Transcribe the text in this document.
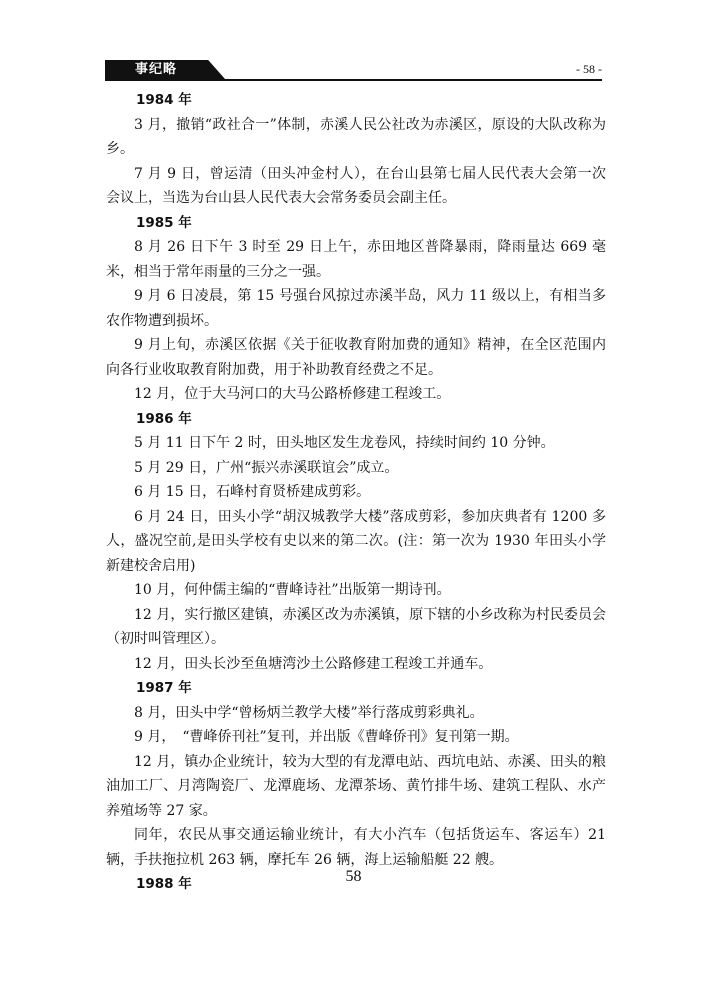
事纪略	- 58 -

1984 年

3 月，撤销“政社合一”体制，赤溪人民公社改为赤溪区，原设的大队改称为乡。

7 月 9 日，曾运清（田头冲金村人），在台山县第七届人民代表大会第一次会议上，当选为台山县人民代表大会常务委员会副主任。

1985 年

8 月 26 日下午 3 时至 29 日上午，赤田地区普降暴雨，降雨量达 669 毫米，相当于常年雨量的三分之一强。

9 月 6 日凌晨，第 15 号强台风掠过赤溪半岛，风力 11 级以上，有相当多农作物遭到损坏。

9 月上旬，赤溪区依据《关于征收教育附加费的通知》精神，在全区范围内向各行业收取教育附加费，用于补助教育经费之不足。

12 月，位于大马河口的大马公路桥修建工程竣工。

1986 年

5 月 11 日下午 2 时，田头地区发生龙卷风，持续时间约 10 分钟。

5 月 29 日，广州“振兴赤溪联谊会”成立。

6 月 15 日，石峰村育贤桥建成剪彩。

6 月 24 日，田头小学“胡汉城教学大楼”落成剪彩，参加庆典者有 1200 多人，盛况空前,是田头学校有史以来的第二次。(注：第一次为 1930 年田头小学新建校舍启用)

10 月，何仲儒主编的“曹峰诗社”出版第一期诗刊。

12 月，实行撤区建镇，赤溪区改为赤溪镇，原下辖的小乡改称为村民委员会（初时叫管理区）。

12 月，田头长沙至鱼塘湾沙土公路修建工程竣工并通车。

1987 年

8 月，田头中学“曾杨炳兰教学大楼”举行落成剪彩典礼。

9 月，　“曹峰侨刊社”复刊，并出版《曹峰侨刊》复刊第一期。

12 月，镇办企业统计，较为大型的有龙潭电站、西坑电站、赤溪、田头的粮油加工厂、月湾陶瓷厂、龙潭鹿场、龙潭茶场、黄竹排牛场、建筑工程队、水产养殖场等 27 家。

同年，农民从事交通运输业统计，有大小汽车（包括货运车、客运车）21 辆，手扶拖拉机 263 辆，摩托车 26 辆，海上运输船艇 22 艘。

1988 年	58
